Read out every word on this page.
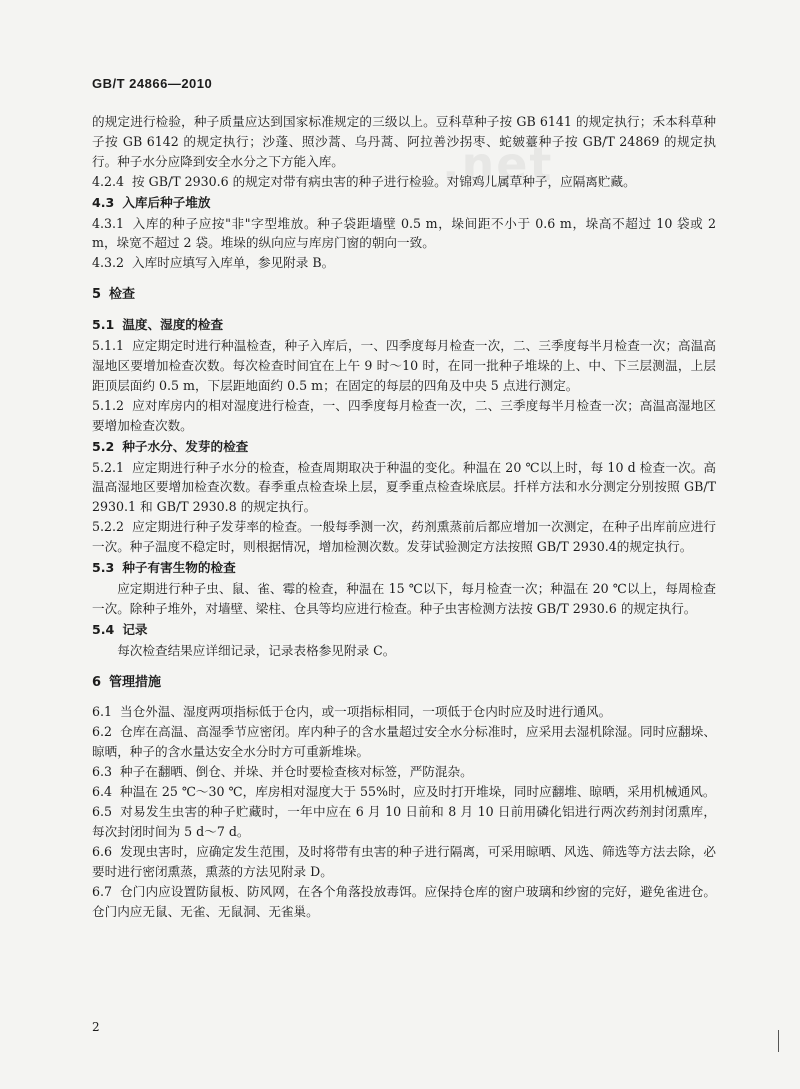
.net
GB/T 24866—2010

的规定进行检验，种子质量应达到国家标准规定的三级以上。豆科草种子按 GB 6141 的规定执行；禾本科草种子按 GB 6142 的规定执行；沙蓬、照沙蒿、乌丹蒿、阿拉善沙拐枣、蛇皴薹种子按 GB/T 24869 的规定执行。种子水分应降到安全水分之下方能入库。

4.2.4 按 GB/T 2930.6 的规定对带有病虫害的种子进行检验。对锦鸡儿属草种子，应隔离贮藏。

4.3 入库后种子堆放

4.3.1 入库的种子应按"非"字型堆放。种子袋距墙壁 0.5 m，垛间距不小于 0.6 m，垛高不超过 10 袋或 2 m，垛宽不超过 2 袋。堆垛的纵向应与库房门窗的朝向一致。

4.3.2 入库时应填写入库单，参见附录 B。

5 检查

5.1 温度、湿度的检查

5.1.1 应定期定时进行种温检查，种子入库后，一、四季度每月检查一次，二、三季度每半月检查一次；高温高湿地区要增加检查次数。每次检查时间宜在上午 9 时～10 时，在同一批种子堆垛的上、中、下三层测温，上层距顶层面约 0.5 m，下层距地面约 0.5 m；在固定的每层的四角及中央 5 点进行测定。

5.1.2 应对库房内的相对湿度进行检查，一、四季度每月检查一次，二、三季度每半月检查一次；高温高湿地区要增加检查次数。

5.2 种子水分、发芽的检查

5.2.1 应定期进行种子水分的检查，检查周期取决于种温的变化。种温在 20 ℃以上时，每 10 d 检查一次。高温高湿地区要增加检查次数。春季重点检查垛上层，夏季重点检查垛底层。扦样方法和水分测定分别按照 GB/T 2930.1 和 GB/T 2930.8 的规定执行。

5.2.2 应定期进行种子发芽率的检查。一般每季测一次，药剂熏蒸前后都应增加一次测定，在种子出库前应进行一次。种子温度不稳定时，则根据情况，增加检测次数。发芽试验测定方法按照 GB/T 2930.4的规定执行。

5.3 种子有害生物的检查

应定期进行种子虫、鼠、雀、霉的检查，种温在 15 ℃以下，每月检查一次；种温在 20 ℃以上，每周检查一次。除种子堆外，对墙壁、梁柱、仓具等均应进行检查。种子虫害检测方法按 GB/T 2930.6 的规定执行。

5.4 记录

每次检查结果应详细记录，记录表格参见附录 C。

6 管理措施

6.1 当仓外温、湿度两项指标低于仓内，或一项指标相同，一项低于仓内时应及时进行通风。

6.2 仓库在高温、高湿季节应密闭。库内种子的含水量超过安全水分标准时，应采用去湿机除湿。同时应翻垛、晾晒，种子的含水量达安全水分时方可重新堆垛。

6.3 种子在翻晒、倒仓、并垛、并仓时要检查核对标签，严防混杂。

6.4 种温在 25 ℃～30 ℃，库房相对湿度大于 55%时，应及时打开堆垛，同时应翻堆、晾晒，采用机械通风。

6.5 对易发生虫害的种子贮藏时，一年中应在 6 月 10 日前和 8 月 10 日前用磷化铝进行两次药剂封闭熏库，每次封闭时间为 5 d～7 d。

6.6 发现虫害时，应确定发生范围，及时将带有虫害的种子进行隔离，可采用晾晒、风选、筛选等方法去除，必要时进行密闭熏蒸，熏蒸的方法见附录 D。

6.7 仓门内应设置防鼠板、防风网，在各个角落投放毒饵。应保持仓库的窗户玻璃和纱窗的完好，避免雀进仓。仓门内应无鼠、无雀、无鼠洞、无雀巢。

2
